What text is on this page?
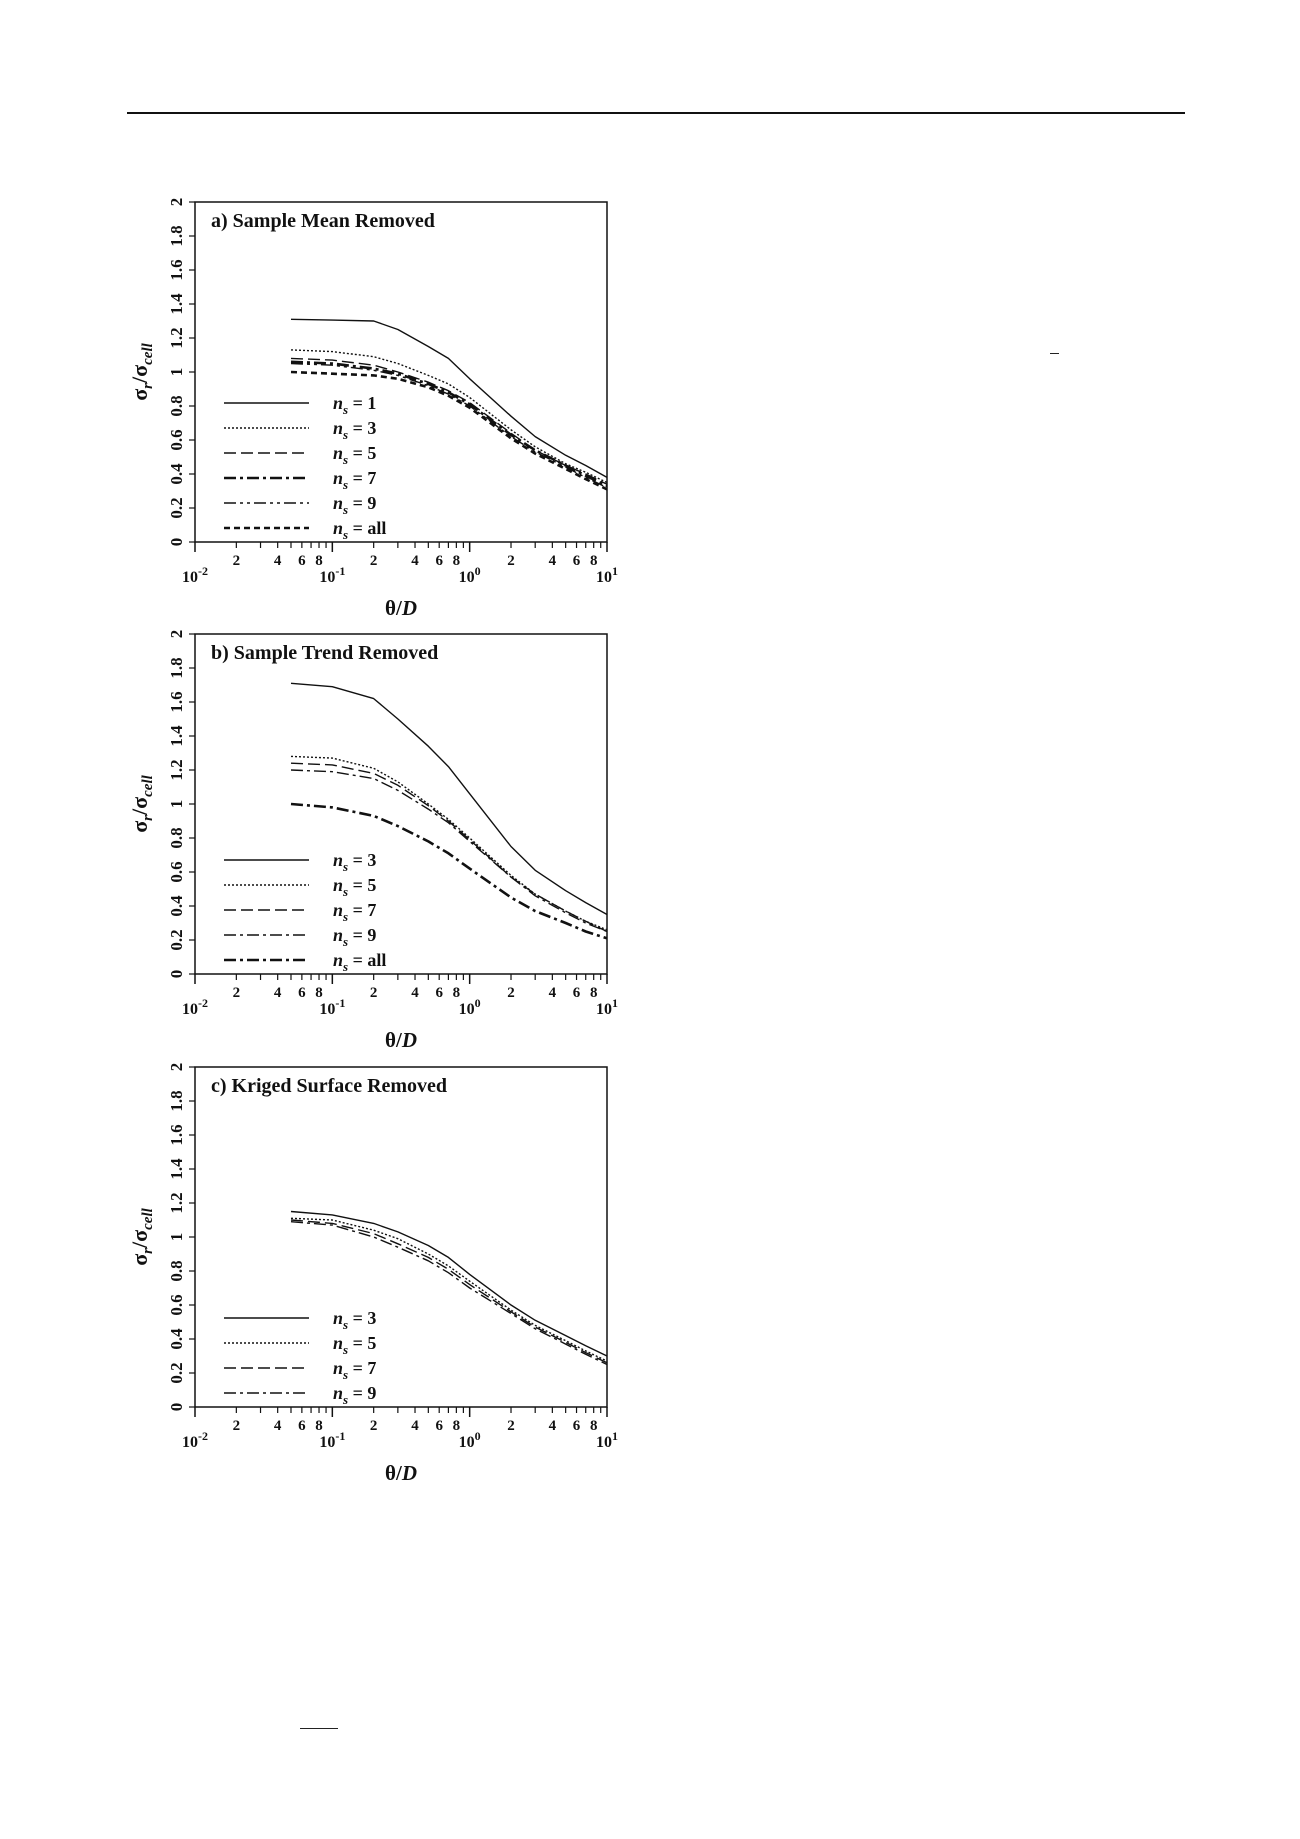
a) Sample Mean Removed
0
0.2
0.4
0.6
0.8
1
1.2
1.4
1.6
1.8
2
$\sigma_r/\sigma_{cell}$
$10^{-2}$
2 4 6 8
$10^{-1}$
2 4 6 8
$10^0$
2 4 6 8
$10^1$
θ/D
$n_s = 1$
$n_s = 3$
$n_s = 5$
$n_s = 7$
$n_s = 9$
$n_s$ = all
b) Sample Trend Removed
0
0.2
0.4
0.6
0.8
1
1.2
1.4
1.6
1.8
2
$\sigma_r/\sigma_{cell}$
$10^{-2}$
2 4 6 8
$10^{-1}$
2 4 6 8
$10^0$
2 4 6 8
$10^1$
θ/D
$n_s = 3$
$n_s = 5$
$n_s = 7$
$n_s = 9$
$n_s$ = all
c) Kriged Surface Removed
0
0.2
0.4
0.6
0.8
1
1.2
1.4
1.6
1.8
2
$\sigma_r/\sigma_{cell}$
$10^{-2}$
2 4 6 8
$10^{-1}$
2 4 6 8
$10^0$
2 4 6 8
$10^1$
θ/D
$n_s = 3$
$n_s = 5$
$n_s = 7$
$n_s = 9$
